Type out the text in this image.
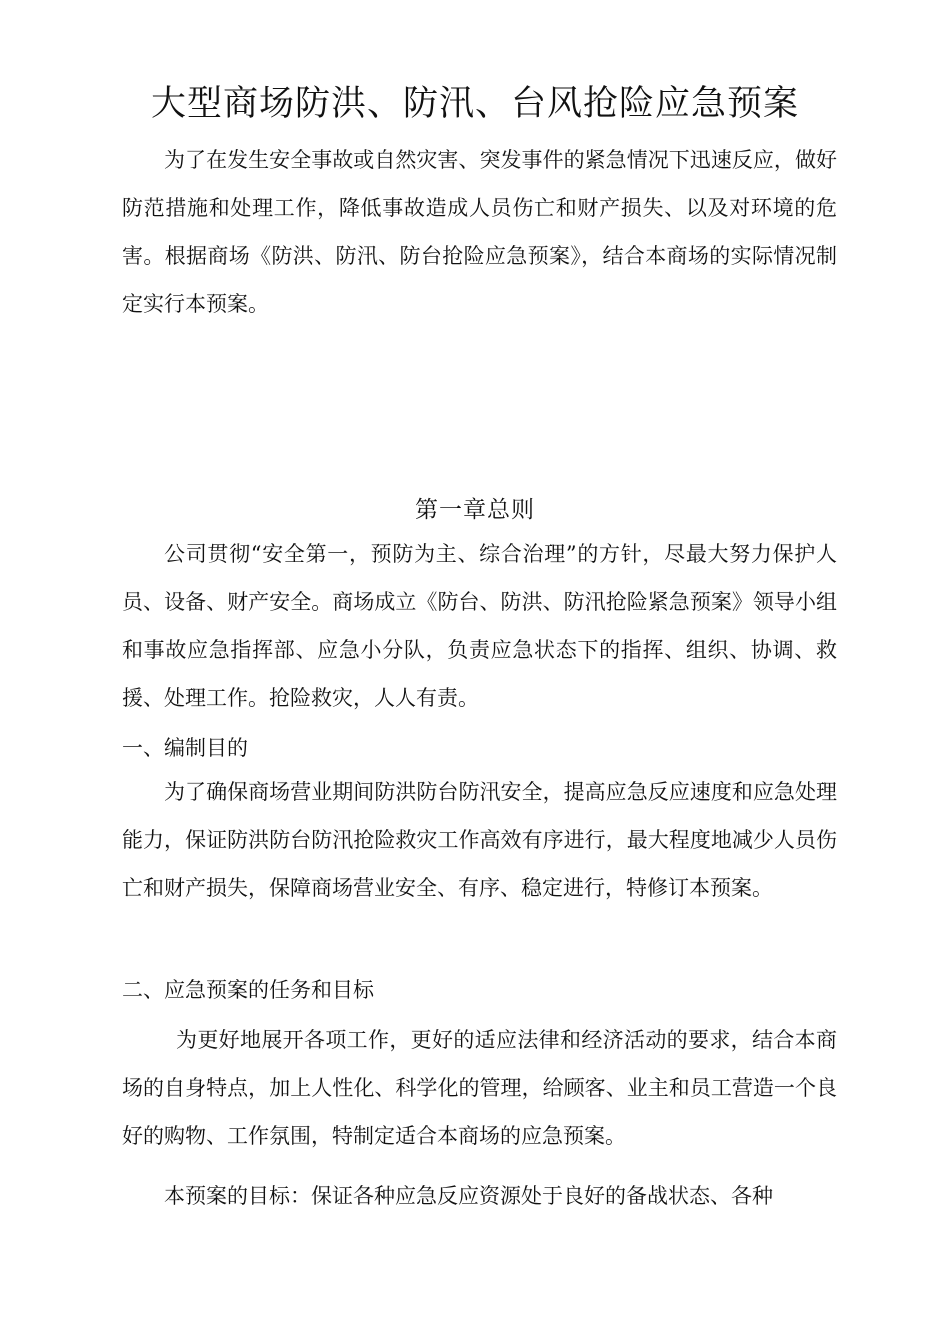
大型商场防洪、防汛、台风抢险应急预案

为了在发生安全事故或自然灾害、突发事件的紧急情况下迅速反应，做好防范措施和处理工作，降低事故造成人员伤亡和财产损失、以及对环境的危害。根据商场《防洪、防汛、防台抢险应急预案》，结合本商场的实际情况制定实行本预案。

第一章总则

公司贯彻“安全第一，预防为主、综合治理”的方针，尽最大努力保护人员、设备、财产安全。商场成立《防台、防洪、防汛抢险紧急预案》领导小组和事故应急指挥部、应急小分队，负责应急状态下的指挥、组织、协调、救援、处理工作。抢险救灾，人人有责。

一、编制目的

为了确保商场营业期间防洪防台防汛安全，提高应急反应速度和应急处理能力，保证防洪防台防汛抢险救灾工作高效有序进行，最大程度地减少人员伤亡和财产损失，保障商场营业安全、有序、稳定进行，特修订本预案。

二、应急预案的任务和目标

为更好地展开各项工作，更好的适应法律和经济活动的要求，结合本商场的自身特点，加上人性化、科学化的管理，给顾客、业主和员工营造一个良好的购物、工作氛围，特制定适合本商场的应急预案。

本预案的目标：保证各种应急反应资源处于良好的备战状态、各种
